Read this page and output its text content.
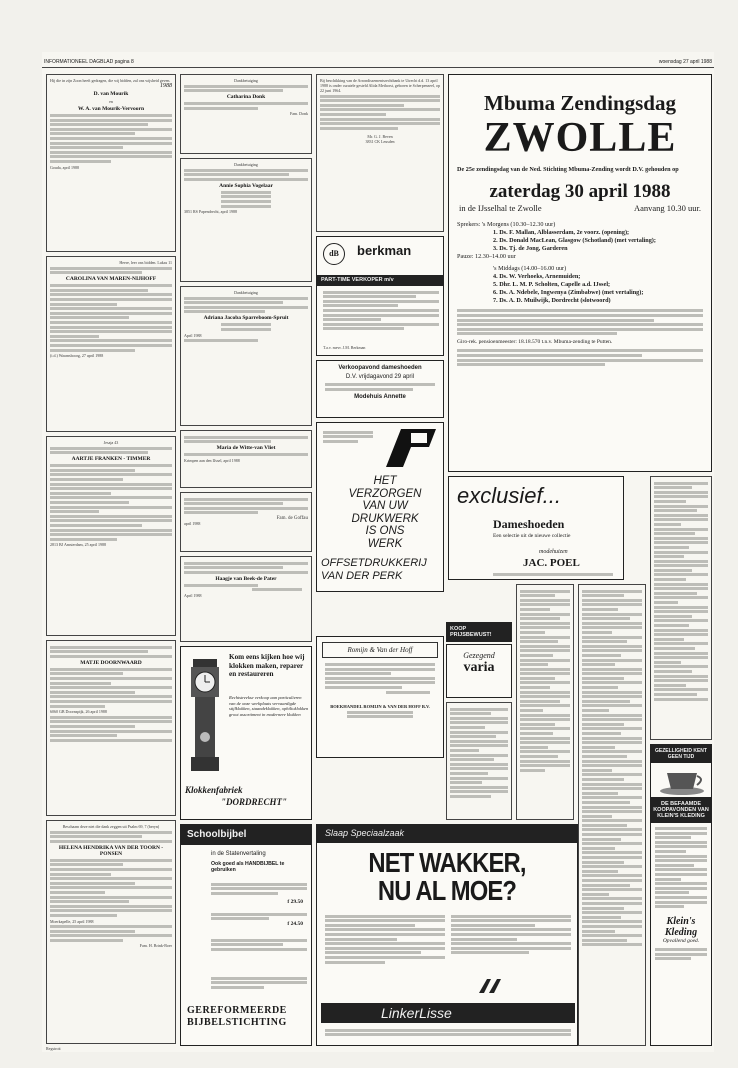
INFORMATIONEEL DAGBLAD pagina 8	woensdag 27 april 1988
Hij die in zijn Zoon heeft gedragen, die wij bidden, zal ons wijsheid geven.
1988
D. van Mourik
en
W. A. van Mourik-Vervoorn
Gouda, april 1988
Heere, leer ons bidden. Lukas 11
CAROLINA VAN MAREN-NIJHOFF
(i.d.) Waarnsboorg, 27 april 1988
Jesaja 43
AARTJE FRANKEN - TIMMER
2813 BJ Amsterdam, 25 april 1988
MATJE DOORNWAARD
6060 GB Doornspijk, 26 april 1988
Beschaam deze niet die dank zeggen uit Psalm 69, 7 (beryn)
HELENA HENDRIKA VAN DER TOORN - PONSEN
Moerkapelle, 25 april 1988
Fam. H. Brink-Boer
Regstroit
Dankbetuiging
Catharina Donk
Fam. Donk
Dankbetuiging
Annie Sophia Vogelaar
3851 RS Papendrecht, april 1988
Dankbetuiging
Adriana Jacoba Sparreboom-Spruit
April 1988
Maria de Witte-van Vliet
Krimpen aan den IJssel, april 1988
Fam. de Goffau
april 1988
Haagje van Beek-de Pater
April 1988
Kom eens kijken hoe wij klokken maken, reparer en restaureren
Rechtstreekse verkoop aan particulieren van de onze werkplaats vervaardigde stijlklokken, staandeklokken, ophilioklokken groot assortiment in modernere klokken
Klokkenfabriek
"DORDRECHT"
Schoolbijbel
in de Statenvertaling
Ook goed als HANDBIJBEL te gebruiken
f 29.50
f 24.50
GEREFORMEERDE
BIJBELSTICHTING
Bij beschikking van de Arrondissementsrechtbank te Utrecht d.d. 13 april 1988 is onder curatele gesteld Alida Methorst, geboren te Scherpenzeel, op 22 juni 1964.
Mr. G. J. Beven
3831 CK Leusden
dB	berkman
PART-TIME VERKOPER m/v
T.a.v. mevr. J.M. Berkman
Verkoopavond dameshoeden
D.V. vrijdagavond 29 april
Modehuis Annette
HET
VERZORGEN
VAN UW
DRUKWERK
IS ONS
WERK
OFFSETDRUKKERIJ
VAN DER PERK
Romijn & Van der Hoff
BOEKHANDEL ROMIJN & VAN DER HOFF B.V.
KOOP PRIJSBEWUST!
Slaap Speciaalzaak
NET WAKKER,
NU AL MOE?
LinkerLisse
Mbuma Zendingsdag
ZWOLLE
De 25e zendingsdag van de Ned. Stichting Mbuma-Zending wordt D.V. gehouden op
zaterdag 30 april 1988
in de IJsselhal te Zwolle	Aanvang 10.30 uur.
Sprekers: 's Morgens (10.30–12.30 uur)
1. Ds. F. Mallan, Alblasserdam, 2e voorz. (opening);
2. Ds. Donald MacLean, Glasgow (Schotland) (met vertaling);
3. Ds. Tj. de Jong, Garderen
Pauze: 12.30–14.00 uur
's Middags (14.00–16.00 uur)
4. Ds. W. Verhoeks, Arnemuiden;
5. Dhr. L. M. P. Scholten, Capelle a.d. IJssel;
6. Ds. A. Ndebele, Ingwenya (Zimbabwe) (met vertaling);
7. Ds. A. D. Muilwijk, Dordrecht (slotwoord)
Giro-rek. pensioenmeester: 18.18.570 t.n.v. Mbuma-zending te Putten.
exclusief...
Dameshoeden
Een selectie uit de nieuwe collectie
modehuizen
JAC. POEL
Gezegend
varia
GEZELLIGHEID KENT GEEN TIJD
DE BEFAAMDE KOOPAVONDEN VAN KLEIN'S KLEDING
Klein's Kleding
Opvallend goed.
